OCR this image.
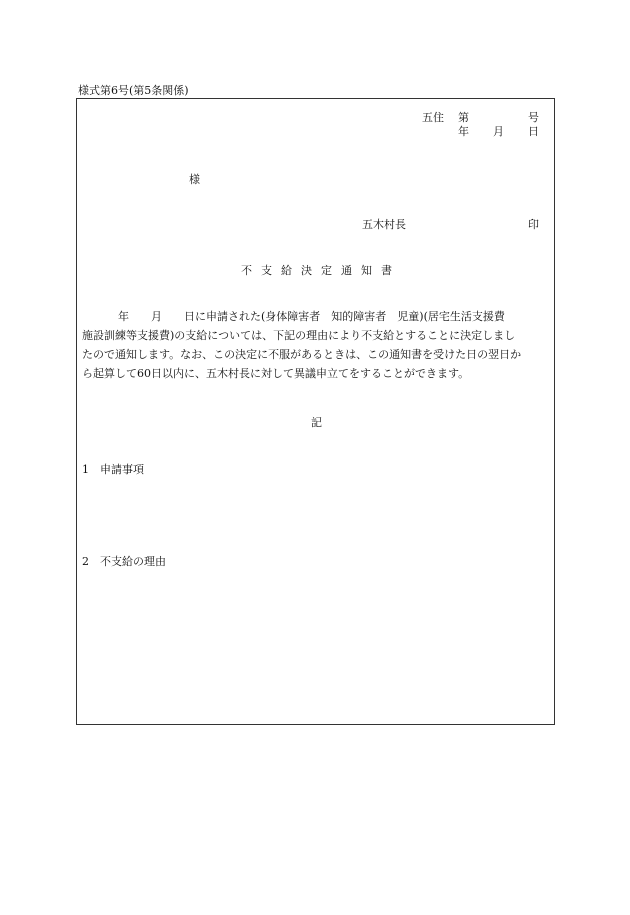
様式第6号(第5条関係)
五住 第	号
年 月 日
様
五木村長	印
不支給決定通知書
年 月 日に申請された(身体障害者　知的障害者　児童)(居宅生活支援費
施設訓練等支援費)の支給については、下記の理由により不支給とすることに決定しまし
たので通知します。なお、この決定に不服があるときは、この通知書を受けた日の翌日か
ら起算して60日以内に、五木村長に対して異議申立てをすることができます。
記
1 申請事項
2 不支給の理由
